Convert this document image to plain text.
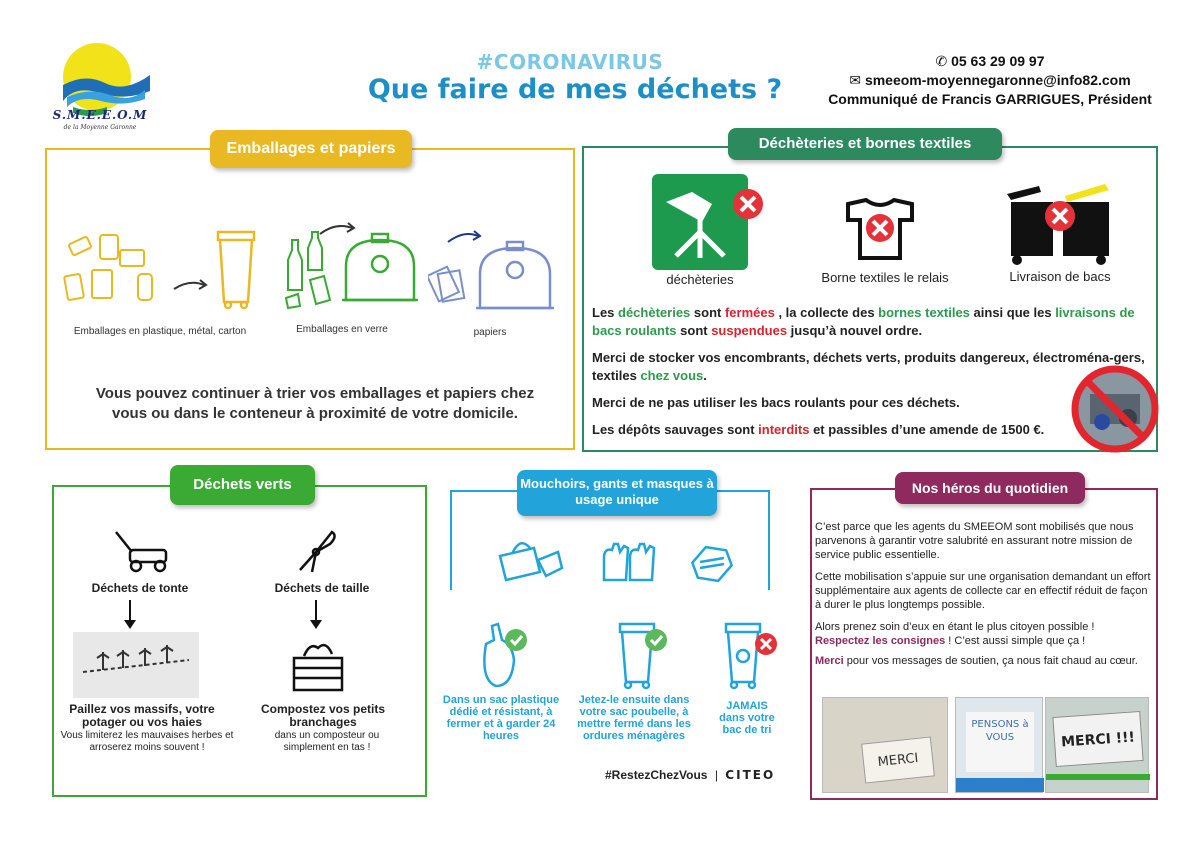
S.M.E.E.O.M
de la Moyenne Garonne
#CORONAVIRUS
Que faire de mes déchets ?
✆ 05 63 29 09 97
✉ smeeom-moyennegaronne@info82.com
Communiqué de Francis GARRIGUES, Président
Emballages et papiers
Emballages en plastique, métal, carton	Emballages en verre	papiers
Vous pouvez continuer à trier vos emballages et papiers chez vous ou dans le conteneur à proximité de votre domicile.
Déchèteries et bornes textiles
déchèteries	Borne textiles le relais	Livraison de bacs
Les déchèteries sont fermées , la collecte des bornes textiles ainsi que les livraisons de bacs roulants sont suspendues jusqu’à nouvel ordre.
Merci de stocker vos encombrants, déchets verts, produits dangereux, électroména-gers, textiles chez vous.
Merci de ne pas utiliser les bacs roulants pour ces déchets.
Les dépôts sauvages sont interdits et passibles d’une amende de 1500 €.
Déchets verts
Déchets de tonte
Paillez vos massifs, votre potager ou vos haies
Vous limiterez les mauvaises herbes et arroserez moins souvent !
Déchets de taille
Compostez vos petits branchages
dans un composteur ou simplement en tas !
Mouchoirs, gants et masques à usage unique
Dans un sac plastique dédié et résistant, à fermer et à garder 24 heures
Jetez-le ensuite dans votre sac poubelle, à mettre fermé dans les ordures ménagères
JAMAIS dans votre bac de tri
#RestezChezVous | CITEO
Nos héros du quotidien

C’est parce que les agents du SMEEOM sont mobilisés que nous parvenons à garantir votre salubrité en assurant notre mission de service public essentielle.

Cette mobilisation s’appuie sur une organisation demandant un effort supplémentaire aux agents de collecte car en effectif réduit de façon à durer le plus longtemps possible.

Alors prenez soin d’eux en étant le plus citoyen possible !

Respectez les consignes ! C’est aussi simple que ça !

Merci pour vos messages de soutien, ça nous fait chaud au cœur.

MERCI
PENSONS à VOUS	MERCI !!!
